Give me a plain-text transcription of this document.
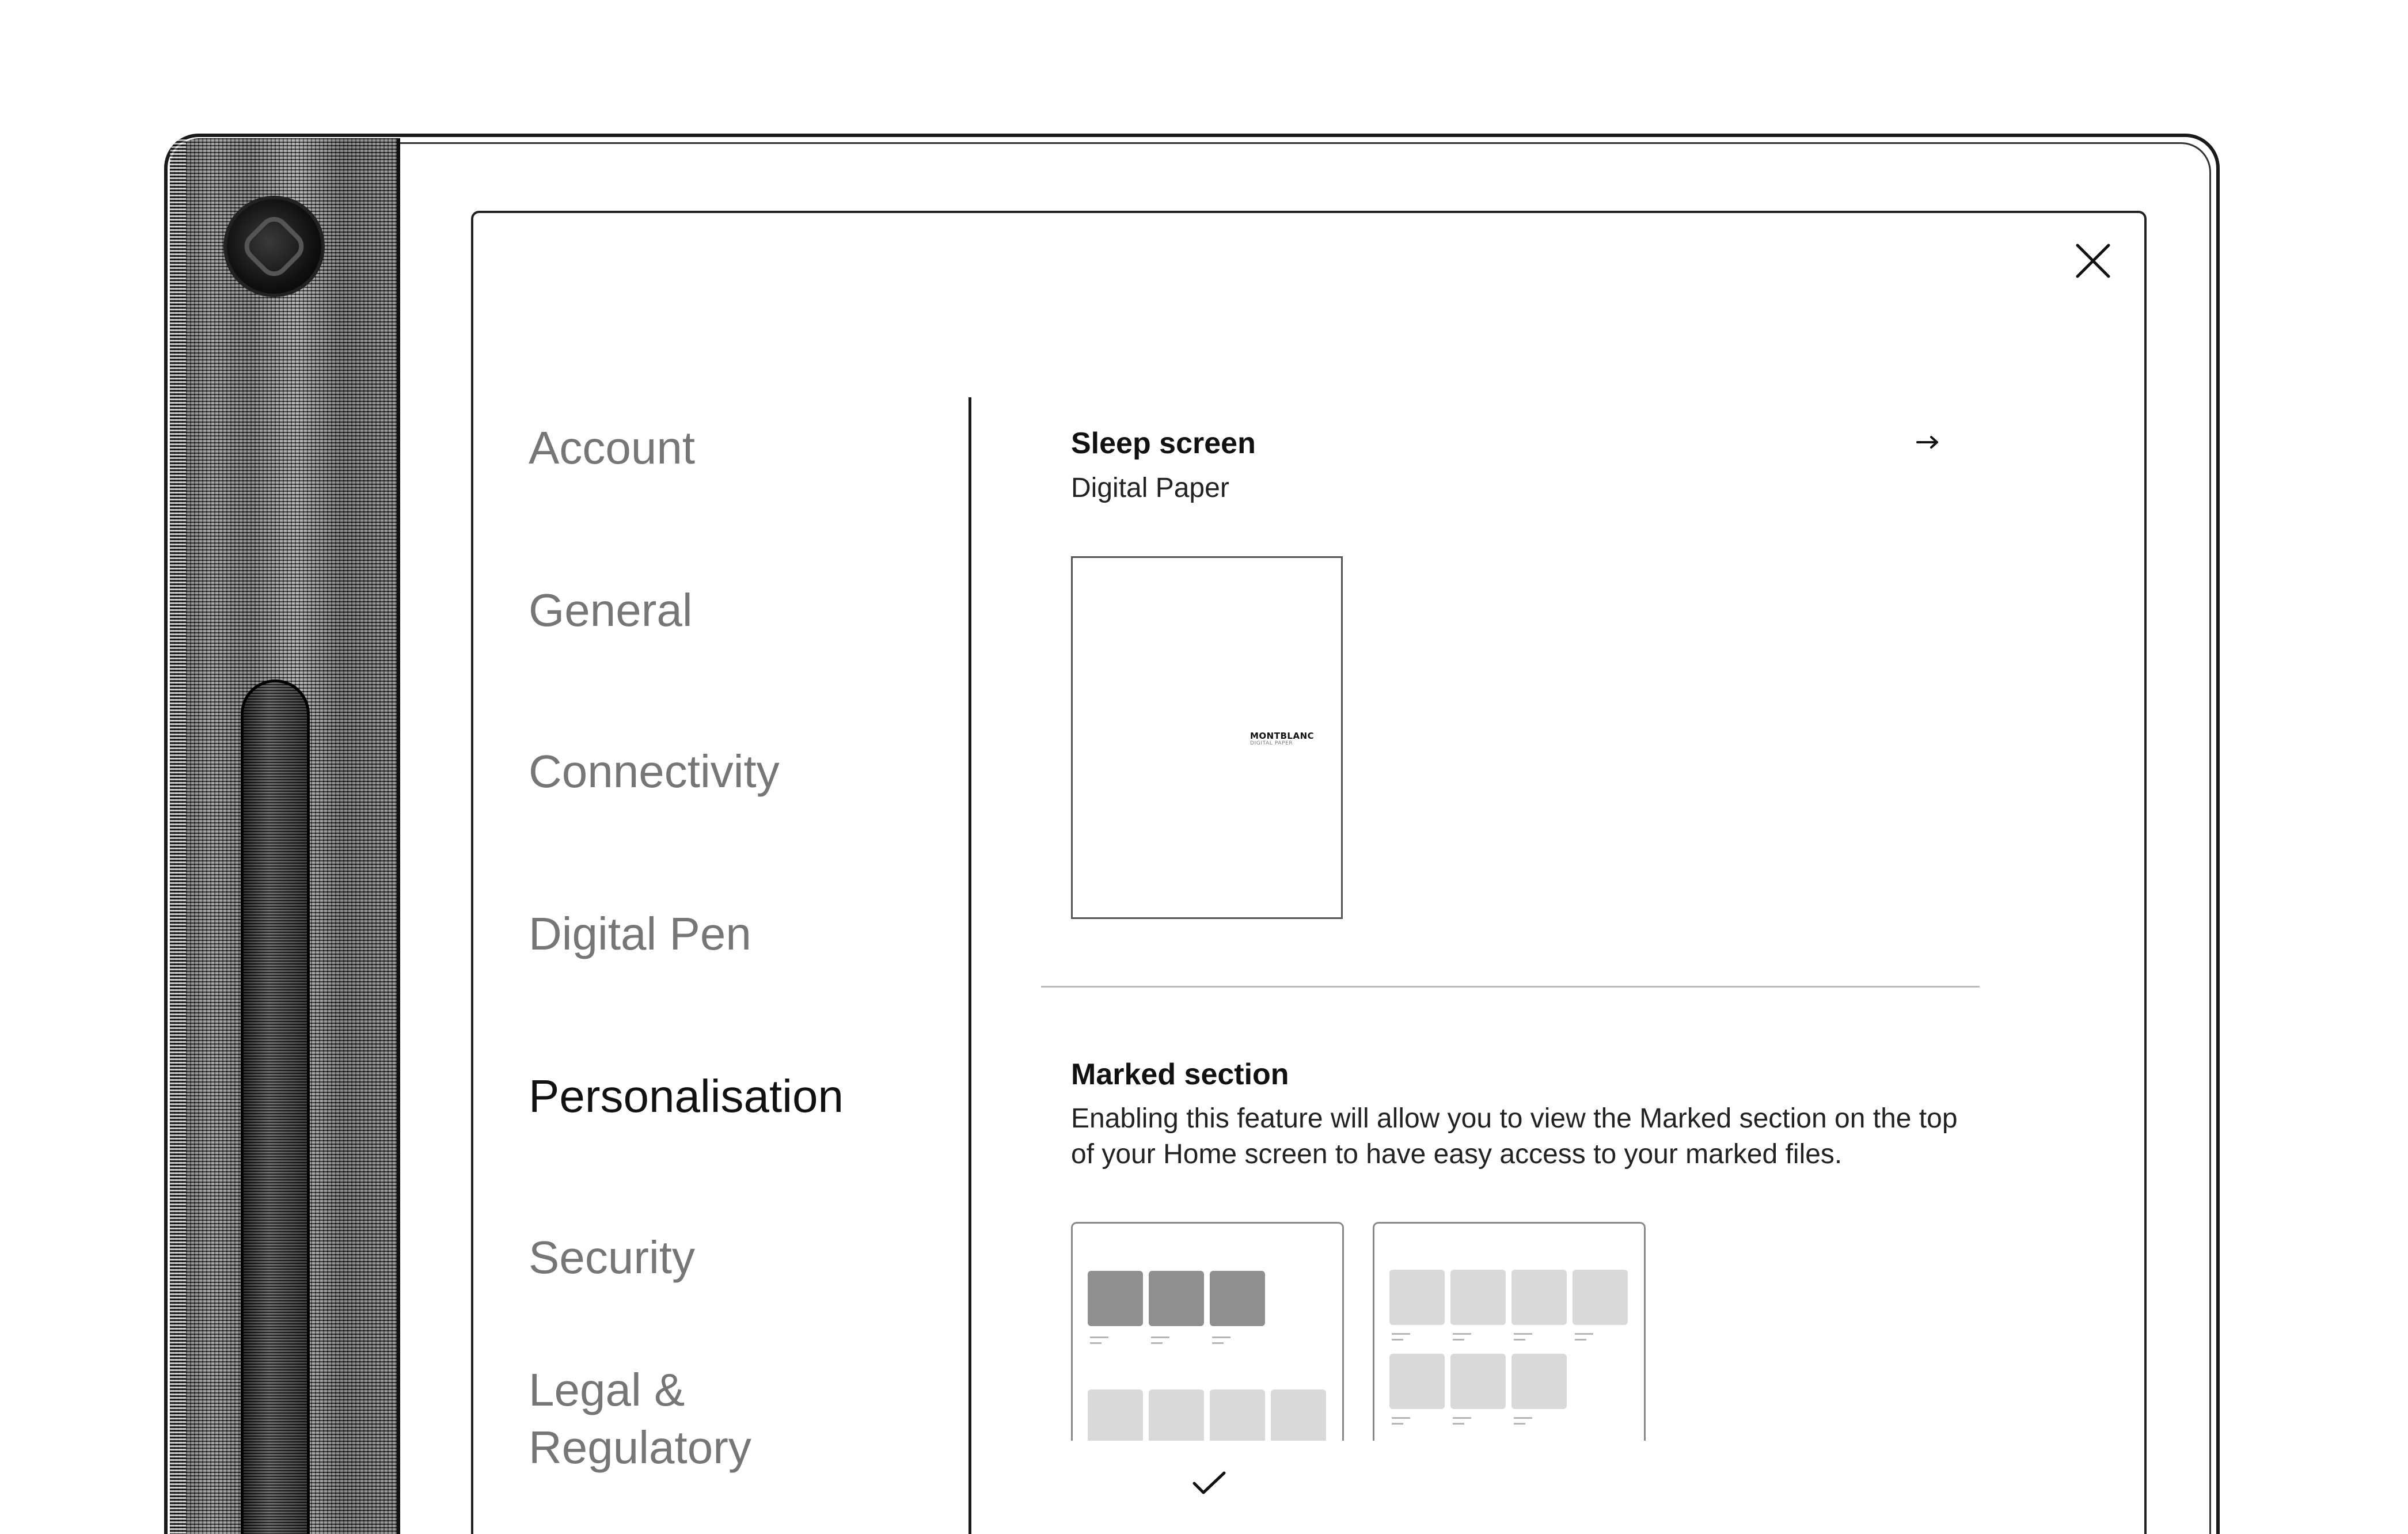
Account
General
Connectivity
Digital Pen
Personalisation
Security
Legal &
Regulatory
Sleep screen
Digital Paper
MONTBLANC
DIGITAL PAPER
Marked section
Enabling this feature will allow you to view the Marked section on the top of your Home screen to have easy access to your marked files.
